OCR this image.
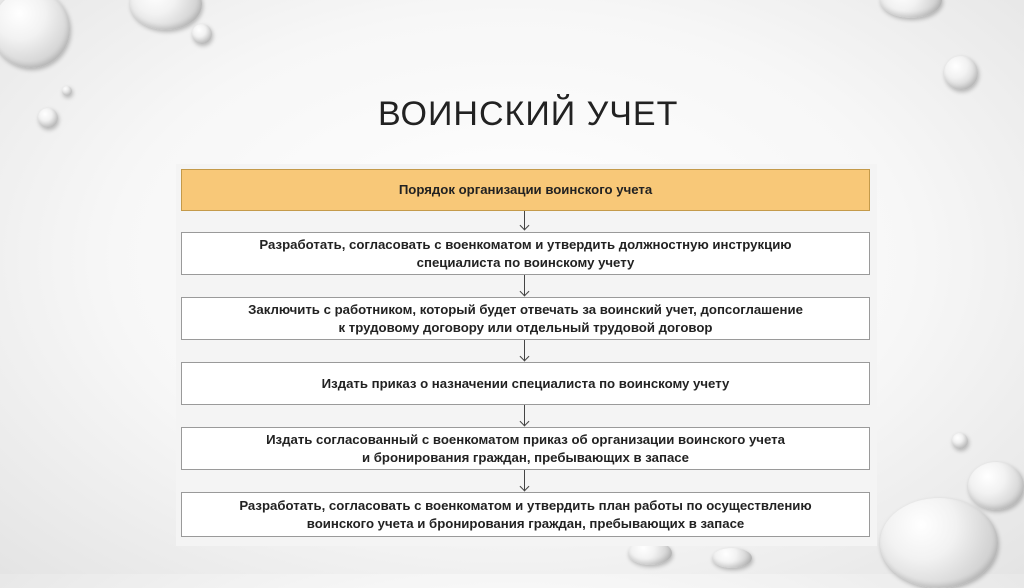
ВОИНСКИЙ УЧЕТ
Порядок организации воинского учета
Разработать, согласовать с военкоматом и утвердить должностную инструкцию
специалиста по воинскому учету
Заключить с работником, который будет отвечать за воинский учет, допсоглашение
к трудовому договору или отдельный трудовой договор
Издать приказ о назначении специалиста по воинскому учету
Издать согласованный с военкоматом приказ об организации воинского учета
и бронирования граждан, пребывающих в запасе
Разработать, согласовать с военкоматом и утвердить план работы по осуществлению
воинского учета и бронирования граждан, пребывающих в запасе
